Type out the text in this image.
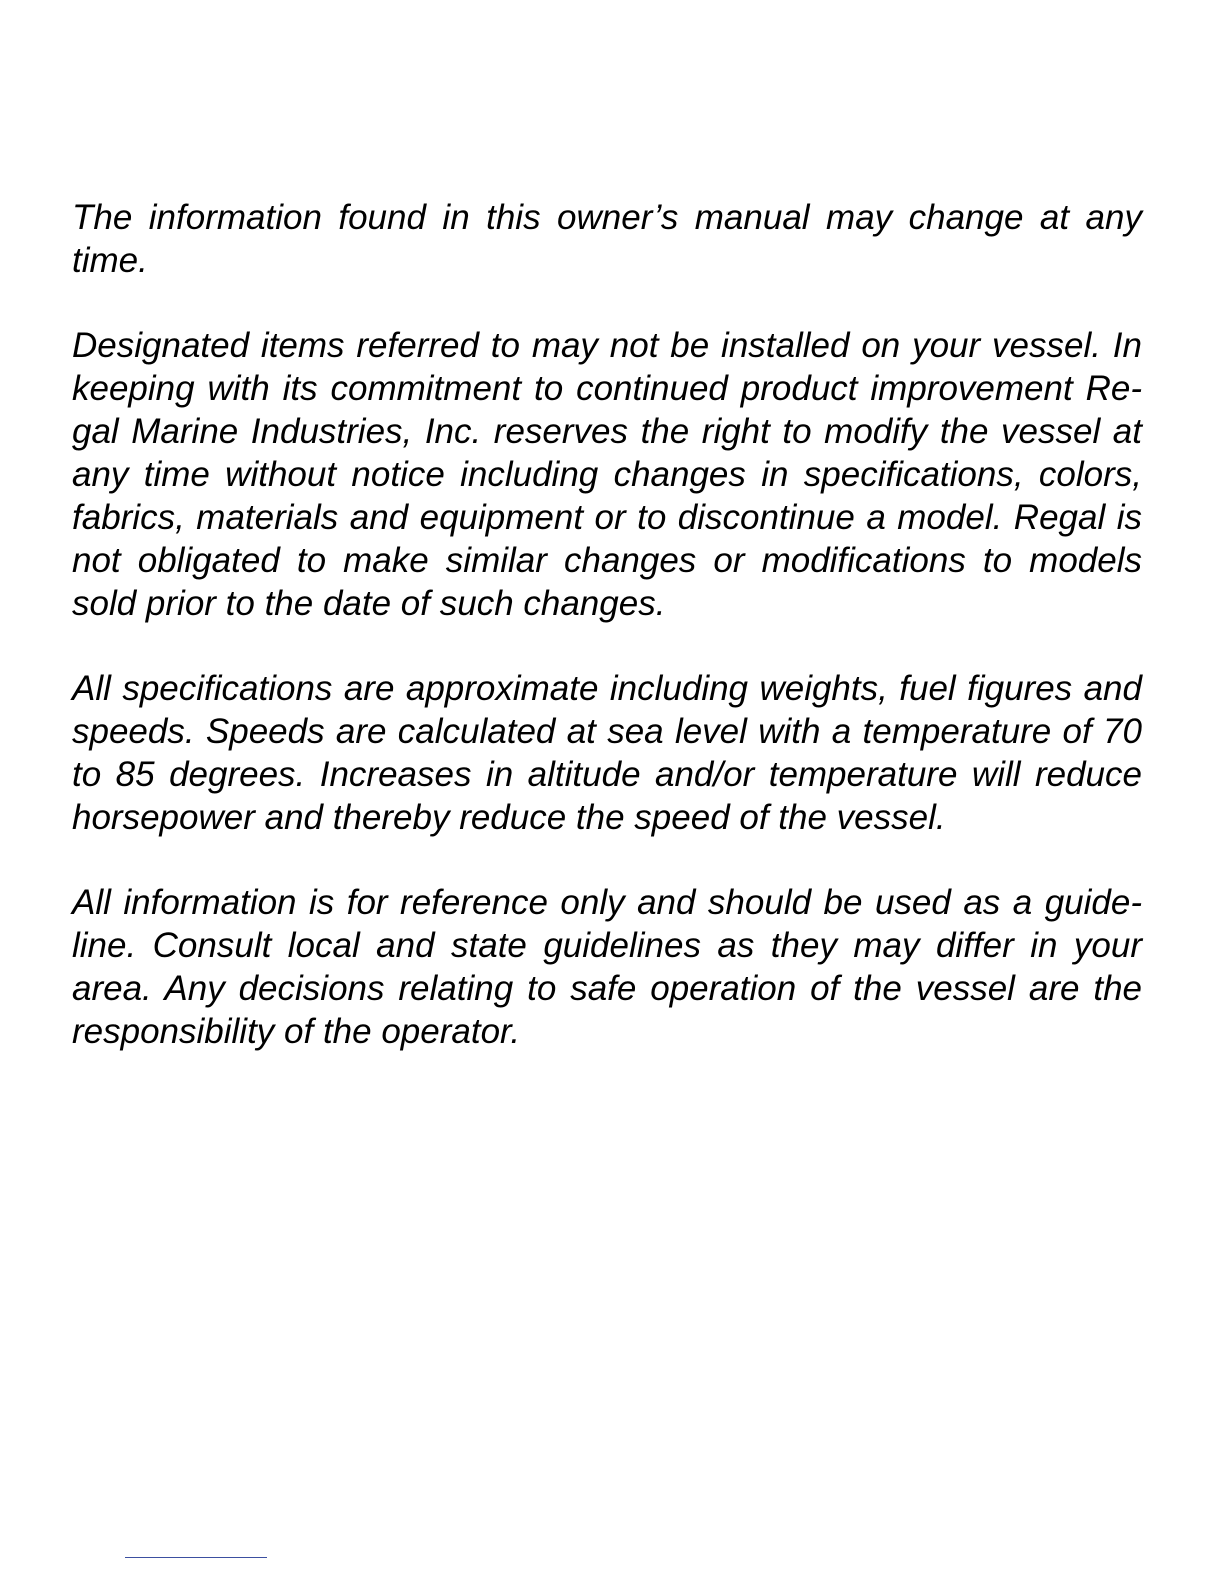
The information found in this owner’s manual may change at any time.

Designated items referred to may not be installed on your vessel. In keeping with its commitment to continued product improvement Regal Marine Industries, Inc. reserves the right to modify the vessel at any time without notice including changes in specifications, colors, fabrics, materials and equipment or to discontinue a model. Regal is not obligated to make similar changes or modifications to models sold prior to the date of such changes.

All specifications are approximate including weights, fuel figures and speeds. Speeds are calculated at sea level with a temperature of 70 to 85 degrees. Increases in altitude and/or temperature will reduce horsepower and thereby reduce the speed of the vessel.

All information is for reference only and should be used as a guideline. Consult local and state guidelines as they may differ in your area. Any decisions relating to safe operation of the vessel are the responsibility of the operator.
